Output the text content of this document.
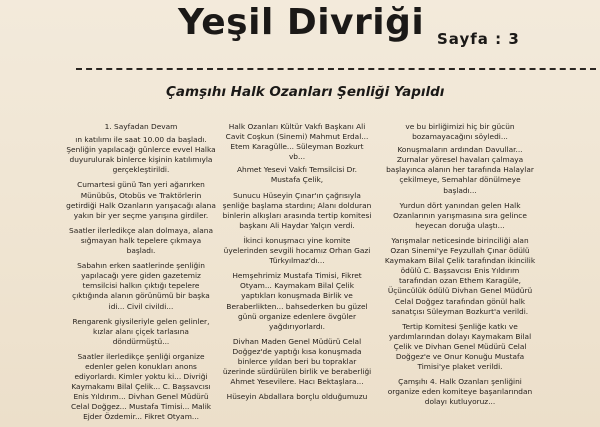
Yeşil Divriği Sayfa : 3
Çamşıhı Halk Ozanları Şenliği Yapıldı

1. Sayfadan Devam

ın katılımı ile saat 10.00 da başladı. Şenliğin yapılacağı günlerce evvel Halka duyurulurak binlerce kişinin katılımıyla gerçekleştirildi.

Cumartesi günü Tan yeri ağarırken Münübüs, Otobüs ve Traktörlerin getirdiği Halk Ozanların yarışacağı alana yakın bir yer seçme yarışına girdiler.

Saatler ilerledikçe alan dolmaya, alana sığmayan halk tepelere çıkmaya başladı.

Sabahın erken saatlerinde şenliğin yapılacağı yere giden gazetemiz temsilcisi halkın çıktığı tepelere çıktığında alanın görünümü bir başka idi... Civil civildi...

Rengarenk giysileriyle gelen gelinler, kızlar alanı çiçek tarlasına döndürmüştü...

Saatler ilerledikçe şenliği organize edenler gelen konukları anons ediyorlardı. Kimler yoktu ki... Divriği Kaymakamı Bilal Çelik... C. Başsavcısı Enis Yıldırım... Divhan Genel Müdürü Celal Doğgez... Mustafa Timisi... Malik Ejder Özdemir... Fikret Otyam...

Halk Ozanları Kültür Vakfı Başkanı Ali Cavit Coşkun (Sinemi) Mahmut Erdal... Etem Karagülle... Süleyman Bozkurt vb...

Ahmet Yesevi Vakfı Temsilcisi Dr. Mustafa Çelik,

Sunucu Hüseyin Çınar'ın çağrısıyla şenliğe başlama stardını; Alanı dolduran binlerin alkışları arasında tertip komitesi başkanı Ali Haydar Yalçın verdi.

İkinci konuşmacı yine komite üyelerinden sevgili hocamız Orhan Gazi Türkyılmaz'dı...

Hemşehrimiz Mustafa Timisi, Fikret Otyam... Kaymakam Bilal Çelik yaptıkları konuşmada Birlik ve Beraberlikten... bahsederken bu güzel günü organize edenlere övgüler yağdırıyorlardı.

Divhan Maden Genel Müdürü Celal Doğgez'de yaptığı kısa konuşmada binlerce yıldan beri bu topraklar üzerinde sürdürülen birlik ve beraberliği Ahmet Yesevilere. Hacı Bektaşlara...

Hüseyin Abdallara borçlu olduğumuzu

ve bu birliğimizi hiç bir gücün bozamayacağını söyledi...

Konuşmaların ardından Davullar... Zurnalar yöresel havaları çalmaya başlayınca alanın her tarafında Halaylar çekilmeye, Semahlar dönülmeye başladı...

Yurdun dört yanından gelen Halk Ozanlarının yarışmasına sıra gelince heyecan doruğa ulaştı...

Yarışmalar neticesinde birinciliği alan Ozan Sinemi'ye Feyzullah Çınar ödülü Kaymakam Bilal Çelik tarafından ikincilik ödülü C. Başsavcısı Enis Yıldırım tarafından ozan Ethem Karagüle, Üçüncülük ödülü Divhan Genel Müdürü Celal Doğgez tarafından gönül halk sanatçısı Süleyman Bozkurt'a verildi.

Tertip Komitesi Şenliğe katkı ve yardımlarından dolayı Kaymakam Bilal Çelik ve Divhan Genel Müdürü Celal Doğgez'e ve Onur Konuğu Mustafa Timisi'ye plaket verildi.

Çamşıhı 4. Halk Ozanları şenliğini organize eden komiteye başarılarından dolayı kutluyoruz...
